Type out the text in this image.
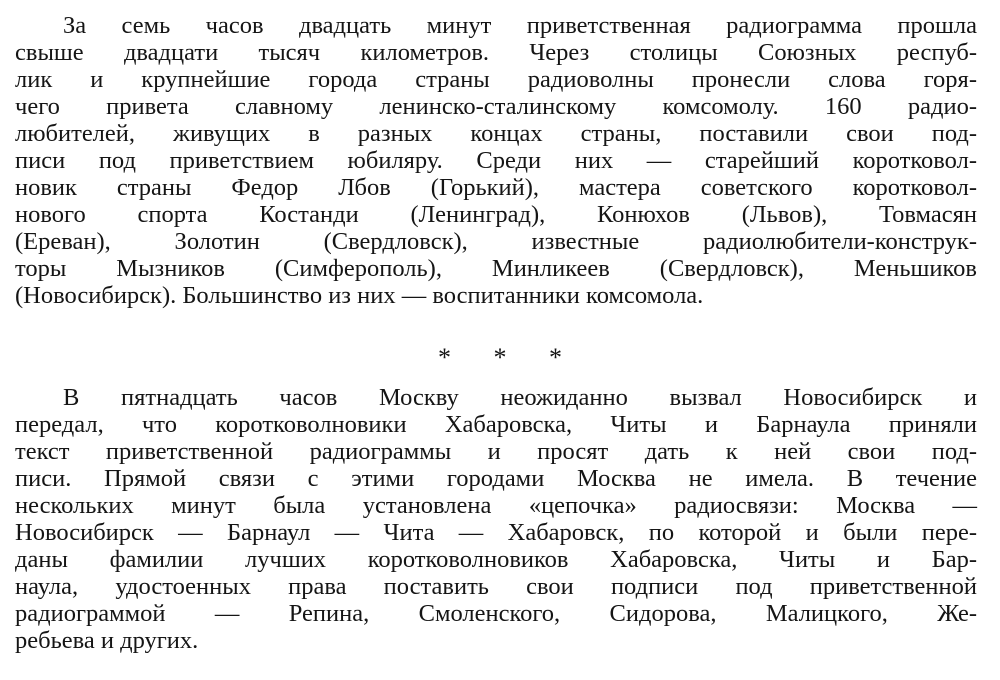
За семь часов двадцать минут приветственная радиограмма прошла

свыше двадцати тысяч километров. Через столицы Союзных респуб-

лик и крупнейшие города страны радиоволны пронесли слова горя-

чего привета славному ленинско-сталинскому комсомолу. 160 радио-

любителей, живущих в разных концах страны, поставили свои под-

писи под приветствием юбиляру. Среди них — старейший коротковол-

новик страны Федор Лбов (Горький), мастера советского коротковол-

нового спорта Костанди (Ленинград), Конюхов (Львов), Товмасян

(Ереван), Золотин (Свердловск), известные радиолюбители-конструк-

торы Мызников (Симферополь), Минликеев (Свердловск), Меньшиков

(Новосибирск). Большинство из них — воспитанники комсомола.

* * *

В пятнадцать часов Москву неожиданно вызвал Новосибирск и

передал, что коротковолновики Хабаровска, Читы и Барнаула приняли

текст приветственной радиограммы и просят дать к ней свои под-

писи. Прямой связи с этими городами Москва не имела. В течение

нескольких минут была установлена «цепочка» радиосвязи: Москва —

Новосибирск — Барнаул — Чита — Хабаровск, по которой и были пере-

даны фамилии лучших коротковолновиков Хабаровска, Читы и Бар-

наула, удостоенных права поставить свои подписи под приветственной

радиограммой — Репина, Смоленского, Сидорова, Малицкого, Же-

ребьева и других.
